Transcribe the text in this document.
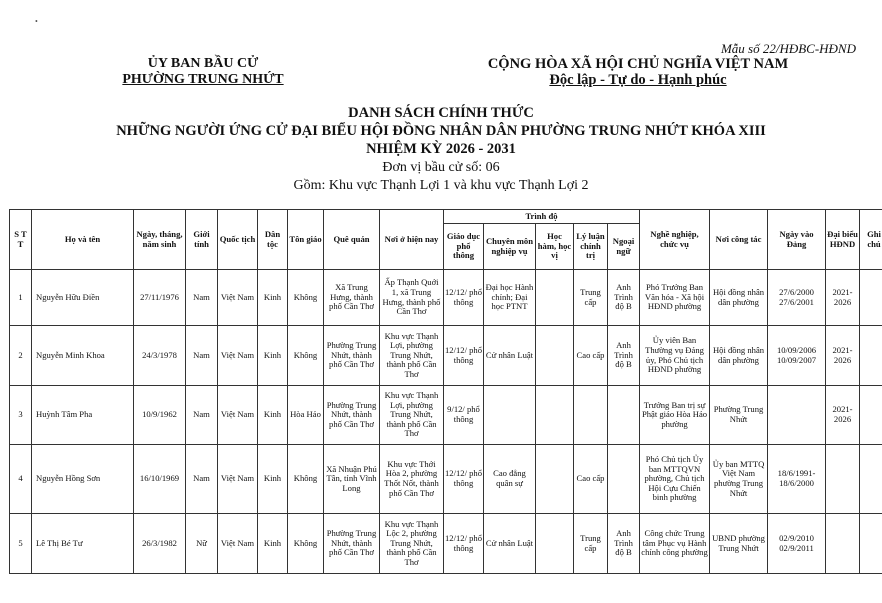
•
Mẫu số 22/HĐBC-HĐND
ỦY BAN BẦU CỬ
PHƯỜNG TRUNG NHỨT
CỘNG HÒA XÃ HỘI CHỦ NGHĨA VIỆT NAM
Độc lập - Tự do - Hạnh phúc
DANH SÁCH CHÍNH THỨC
NHỮNG NGƯỜI ỨNG CỬ ĐẠI BIỂU HỘI ĐỒNG NHÂN DÂN PHƯỜNG TRUNG NHỨT KHÓA XIII
NHIỆM KỲ 2026 - 2031
Đơn vị bầu cử số: 06
Gồm: Khu vực Thạnh Lợi 1 và khu vực Thạnh Lợi 2
S T T	Họ và tên	Ngày, tháng, năm sinh	Giới tính	Quốc tịch	Dân tộc	Tôn giáo	Quê quán	Nơi ở hiện nay	Trình độ					Nghề nghiệp, chức vụ	Nơi công tác	Ngày vào Đảng	Đại biểu HĐND	Ghi chú
									Giáo dục phổ thông	Chuyên môn nghiệp vụ	Học hàm, học vị	Lý luận chính trị	Ngoại ngữ					
1	Nguyễn Hữu Điền	27/11/1976	Nam	Việt Nam	Kinh	Không	Xã Trung Hưng, thành phố Cần Thơ	Ấp Thạnh Quới 1, xã Trung Hưng, thành phố Cần Thơ	12/12/ phổ thông	Đại học Hành chính; Đại học PTNT		Trung cấp	Anh Trình độ B	Phó Trưởng Ban Văn hóa - Xã hội HĐND phường	Hội đồng nhân dân phường	27/6/2000 27/6/2001	2021- 2026	
2	Nguyễn Minh Khoa	24/3/1978	Nam	Việt Nam	Kinh	Không	Phường Trung Nhứt, thành phố Cần Thơ	Khu vực Thạnh Lợi, phường Trung Nhứt, thành phố Cần Thơ	12/12/ phổ thông	Cử nhân Luật		Cao cấp	Anh Trình độ B	Ủy viên Ban Thường vụ Đảng ủy, Phó Chủ tịch HĐND phường	Hội đồng nhân dân phường	10/09/2006 10/09/2007	2021- 2026	
3	Huỳnh Tâm Pha	10/9/1962	Nam	Việt Nam	Kinh	Hòa Hảo	Phường Trung Nhứt, thành phố Cần Thơ	Khu vực Thạnh Lợi, phường Trung Nhứt, thành phố Cần Thơ	9/12/ phổ thông					Trưởng Ban trị sự Phật giáo Hòa Hảo phường	Phường Trung Nhứt		2021- 2026	
4	Nguyễn Hồng Sơn	16/10/1969	Nam	Việt Nam	Kinh	Không	Xã Nhuận Phú Tân, tỉnh Vĩnh Long	Khu vực Thới Hòa 2, phường Thốt Nốt, thành phố Cần Thơ	12/12/ phổ thông	Cao đẳng quân sự		Cao cấp		Phó Chủ tịch Ủy ban MTTQVN phường, Chủ tịch Hội Cựu Chiến binh phường	Ủy ban MTTQ Việt Nam phường Trung Nhứt	18/6/1991- 18/6/2000		
5	Lê Thị Bé Tư	26/3/1982	Nữ	Việt Nam	Kinh	Không	Phường Trung Nhứt, thành phố Cần Thơ	Khu vực Thạnh Lộc 2, phường Trung Nhứt, thành phố Cần Thơ	12/12/ phổ thông	Cử nhân Luật		Trung cấp	Anh Trình độ B	Công chức Trung tâm Phục vụ Hành chính công phường	UBND phường Trung Nhứt	02/9/2010 02/9/2011		
